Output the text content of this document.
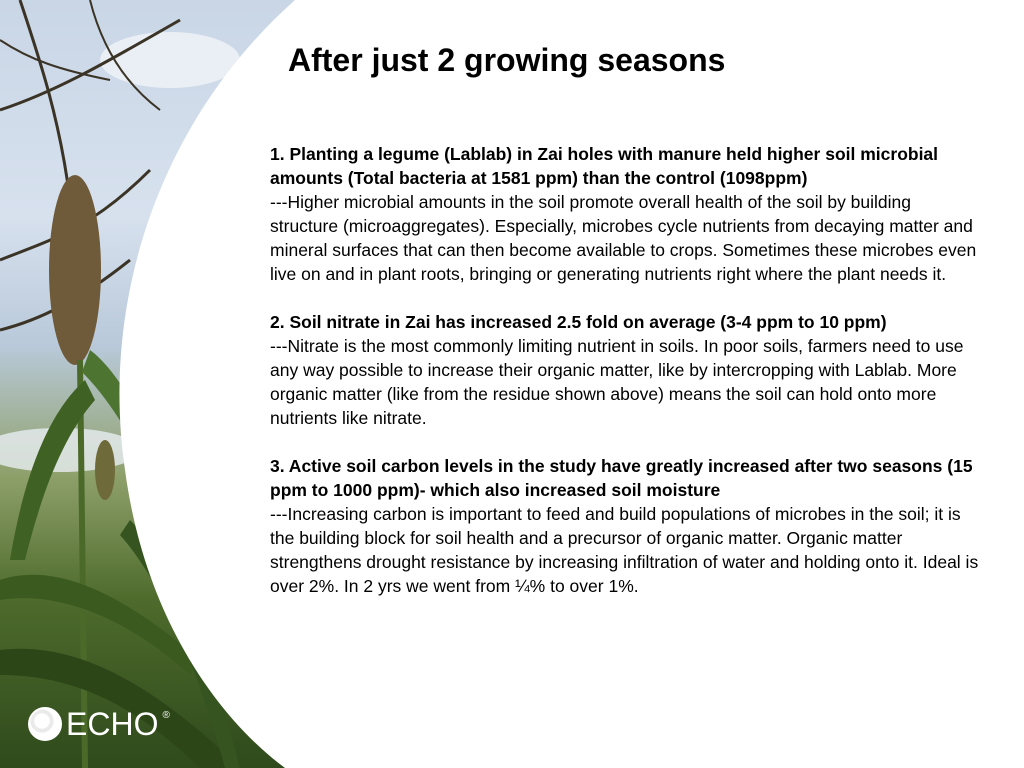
After just 2 growing seasons
1. Planting a legume (Lablab) in Zai holes with manure held higher soil microbial amounts (Total bacteria at 1581 ppm) than the control (1098ppm)
---Higher microbial amounts in the soil promote overall health of the soil by building structure (microaggregates). Especially, microbes cycle nutrients from decaying matter and mineral surfaces that can then become available to crops. Sometimes these microbes even live on and in plant roots, bringing or generating nutrients right where the plant needs it.
2. Soil nitrate in Zai has increased 2.5 fold on average (3-4 ppm to 10 ppm)
---Nitrate is the most commonly limiting nutrient in soils. In poor soils, farmers need to use any way possible to increase their organic matter, like by intercropping with Lablab. More organic matter (like from the residue shown above) means the soil can hold onto more nutrients like nitrate.
3. Active soil carbon levels in the study have greatly increased after two seasons (15 ppm to 1000 ppm)- which also increased soil moisture
---Increasing carbon is important to feed and build populations of microbes in the soil; it is the building block for soil health and a precursor of organic matter. Organic matter strengthens drought resistance by increasing infiltration of water and holding onto it. Ideal is over 2%. In 2 yrs we went from ¼% to over 1%.
ECHO ®
